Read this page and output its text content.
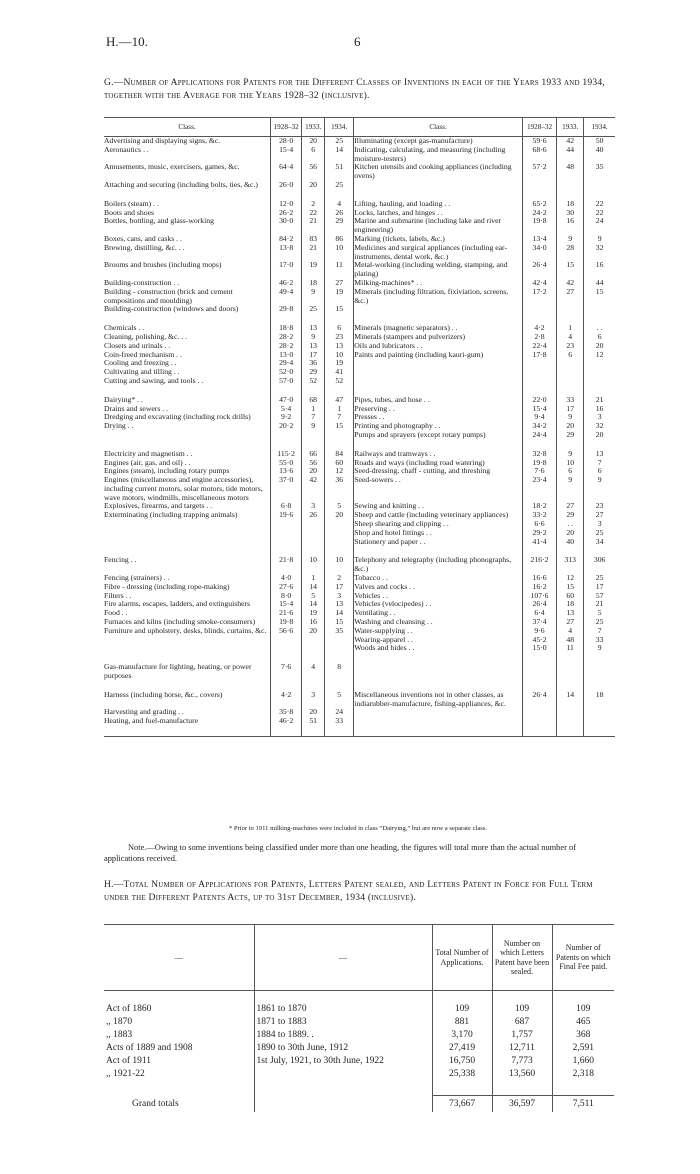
H.—10.	6
G.—Number of Applications for Patents for the Different Classes of Inventions in each of the Years 1933 and 1934, together with the Average for the Years 1928–32 (inclusive).
Class.	1928–32	1933.	1934.	Class.	1928–32	1933.	1934.
Advertising and displaying signs, &c.	28·0	20	25	Illuminating (except gas-manufacture)	59·6	42	50
Aeronautics . .	15·4	6	14	Indicating, calculating, and measuring (including moisture-testers)	68·6	44	40
Amusements, music, exercisers, games, &c.	64·4	56	51	Kitchen utensils and cooking appliances (including ovens)	57·2	48	35
Attaching and securing (including bolts, ties, &c.)	26·0	20	25				

Boilers (steam) . .	12·0	2	4	Lifting, hauling, and loading . .	65·2	18	22
Boots and shoes	26·2	22	26	Locks, latches, and hinges . .	24·2	30	22
Bottles, bottling, and glass-working	30·0	21	29	Marine and submarine (including lake and river engineering)	19·8	16	24
Boxes, cans, and casks . .	84·2	83	86	Marking (tickets, labels, &c.)	13·4	9	9
Brewing, distilling, &c. . .	13·8	21	10	Medicines and surgical appliances (including ear-instruments, dental work, &c.)	34·0	28	32
Brooms and brushes (including mops)	17·0	19	11	Metal-working (including welding, stamping, and plating)	26·4	15	16
Building-construction . .	46·2	18	27	Milking-machines* . .	42·4	42	44
Building - construction (brick and cement compositions and moulding)	49·4	9	19	Minerals (including filtration, fixiviation, screens, &c.)	17·2	27	15
Building-construction (windows and doors)	29·8	25	15				

Chemicals . .	18·8	13	6	Minerals (magnetic separators) . .	4·2	1	. .
Cleaning, polishing, &c. . .	28·2	9	23	Minerals (stampers and pulverizers)	2·8	4	6
Closets and urinals . .	28·2	13	13	Oils and lubricators . .	22·4	23	20
Coin-freed mechanism . .	13·0	17	10	Paints and painting (including kauri-gum)	17·8	6	12
Cooling and freezing . .	29·4	36	19				
Cultivating and tilling . .	52·0	29	41				
Cutting and sawing, and tools . .	57·0	52	52				

Dairying* . .	47·0	68	47	Pipes, tubes, and hose . .	22·0	33	21
Drains and sewers . .	5·4	1	1	Preserving . .	15·4	17	16
Dredging and excavating (including rock drills)	9·2	7	7	Presses . .	9·4	9	3
Drying . .	20·2	9	15	Printing and photography . .	34·2	20	32
				Pumps and sprayers (except rotary pumps)	24·4	29	20

Electricity and magnetism . .	115·2	66	84	Railways and tramways . .	32·8	9	13
Engines (air, gas, and oil) . .	55·0	56	60	Roads and ways (including road watering)	19·8	10	7
Engines (steam), including rotary pumps	13·6	20	12	Seed-dressing, chaff - cutting, and threshing	7·6	6	6
Engines (miscellaneous and engine accessories), including current motors, solar motors, tide motors, wave motors, windmills, miscellaneous motors	37·0	42	36	Seed-sowers . .	23·4	9	9
Explosives, firearms, and targets . .	6·8	3	5	Sewing and knitting . .	18·2	27	23
Exterminating (including trapping animals)	19·6	26	20	Sheep and cattle (including veterinary appliances)	33·2	29	27
				Sheep shearing and clipping . .	6·6	. .	3
				Shop and hotel fittings . .	29·2	20	25
				Stationery and paper . .	41·4	40	34

Fencing . .	21·8	10	10	Telephony and telegraphy (including phonographs, &c.)	216·2	313	306
Fencing (strainers) . .	4·0	1	2	Tobacco . .	16·6	12	25
Fibre - dressing (including rope-making)	27·6	14	17	Valves and cocks . .	16·2	15	17
Filters . .	8·0	5	3	Vehicles . .	107·6	60	57
Fire alarms, escapes, ladders, and extinguishers	15·4	14	13	Vehicles (velocipedes) . .	26·4	18	21
Food . .	21·6	19	14	Ventilating . .	6·4	13	5
Furnaces and kilns (including smoke-consumers)	19·8	16	15	Washing and cleansing . .	37·4	27	25
Furniture and upholstery, desks, blinds, curtains, &c.	56·6	20	35	Water-supplying . .	9·6	4	7
				Wearing-apparel . .	45·2	48	33
				Woods and hides . .	15·0	11	9

Gas-manufacture for lighting, heating, or power purposes	7·6	4	8				

Harness (including horse, &c., covers)	4·2	3	5	Miscellaneous inventions not in other classes, as indiarubber-manufacture, fishing-appliances, &c.	26·4	14	18
Harvesting and grading . .	35·8	20	24				
Heating, and fuel-manufacture	46·2	51	33				

* Prior to 1911 milking-machines were included in class “Dairying,” but are now a separate class.
Note.—Owing to some inventions being classified under more than one heading, the figures will total more than the actual number of applications received.
H.—Total Number of Applications for Patents, Letters Patent sealed, and Letters Patent in Force for Full Term under the Different Patents Acts, up to 31st December, 1934 (inclusive).
—	—	Total Number of Applications.	Number on which Letters Patent have been sealed.	Number of Patents on which Final Fee paid.

Act of 1860	1861 to 1870	109	109	109
,, 1870	1871 to 1883	881	687	465
,, 1883	1884 to 1889. .	3,170	1,757	368
Acts of 1889 and 1908	1890 to 30th June, 1912	27,419	12,711	2,591
Act of 1911	1st July, 1921, to 30th June, 1922	16,750	7,773	1,660
,, 1921-22		25,338	13,560	2,318

Grand totals		73,667	36,597	7,511
